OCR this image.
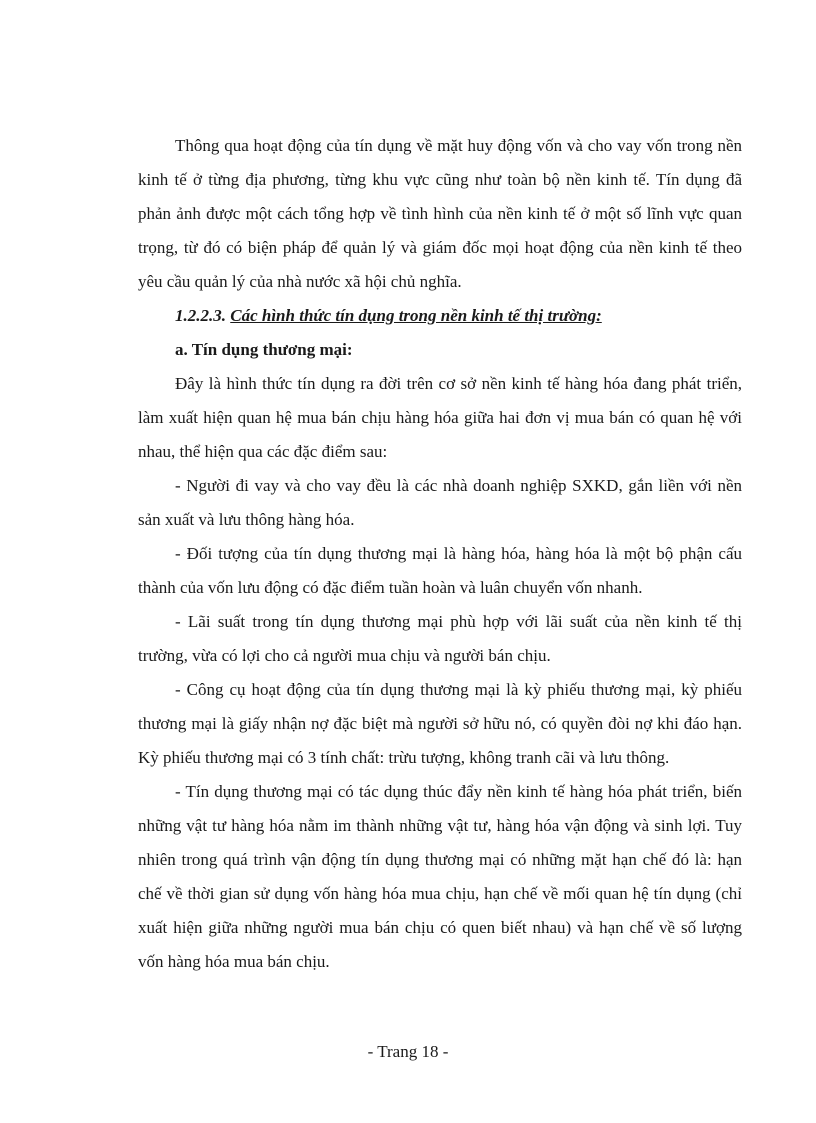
Thông qua hoạt động của tín dụng về mặt huy động vốn và cho vay vốn trong nền kinh tế ở từng địa phương, từng khu vực cũng như toàn bộ nền kinh tế. Tín dụng đã phản ảnh được một cách tổng hợp về tình hình của nền kinh tế ở một số lĩnh vực quan trọng, từ đó có biện pháp để quản lý và giám đốc mọi hoạt động của nền kinh tế theo yêu cầu quản lý của nhà nước xã hội chủ nghĩa.

1.2.2.3. Các hình thức tín dụng trong nền kinh tế thị trường:

a. Tín dụng thương mại:

Đây là hình thức tín dụng ra đời trên cơ sở nền kinh tế hàng hóa đang phát triển, làm xuất hiện quan hệ mua bán chịu hàng hóa giữa hai đơn vị mua bán có quan hệ với nhau, thể hiện qua các đặc điểm sau:

- Người đi vay và cho vay đều là các nhà doanh nghiệp SXKD, gắn liền với nền sản xuất và lưu thông hàng hóa.

- Đối tượng của tín dụng thương mại là hàng hóa, hàng hóa là một bộ phận cấu thành của vốn lưu động có đặc điểm tuần hoàn và luân chuyển vốn nhanh.

- Lãi suất trong tín dụng thương mại phù hợp với lãi suất của nền kinh tế thị trường, vừa có lợi cho cả người mua chịu và người bán chịu.

- Công cụ hoạt động của tín dụng thương mại là kỳ phiếu thương mại, kỳ phiếu thương mại là giấy nhận nợ đặc biệt mà người sở hữu nó, có quyền đòi nợ khi đáo hạn. Kỳ phiếu thương mại có 3 tính chất: trừu tượng, không tranh cãi và lưu thông.

- Tín dụng thương mại có tác dụng thúc đẩy nền kinh tế hàng hóa phát triển, biến những vật tư hàng hóa nằm im thành những vật tư, hàng hóa vận động và sinh lợi. Tuy nhiên trong quá trình vận động tín dụng thương mại có những mặt hạn chế đó là: hạn chế về thời gian sử dụng vốn hàng hóa mua chịu, hạn chế về mối quan hệ tín dụng (chỉ xuất hiện giữa những người mua bán chịu có quen biết nhau) và hạn chế về số lượng vốn hàng hóa mua bán chịu.

- Trang 18 -
